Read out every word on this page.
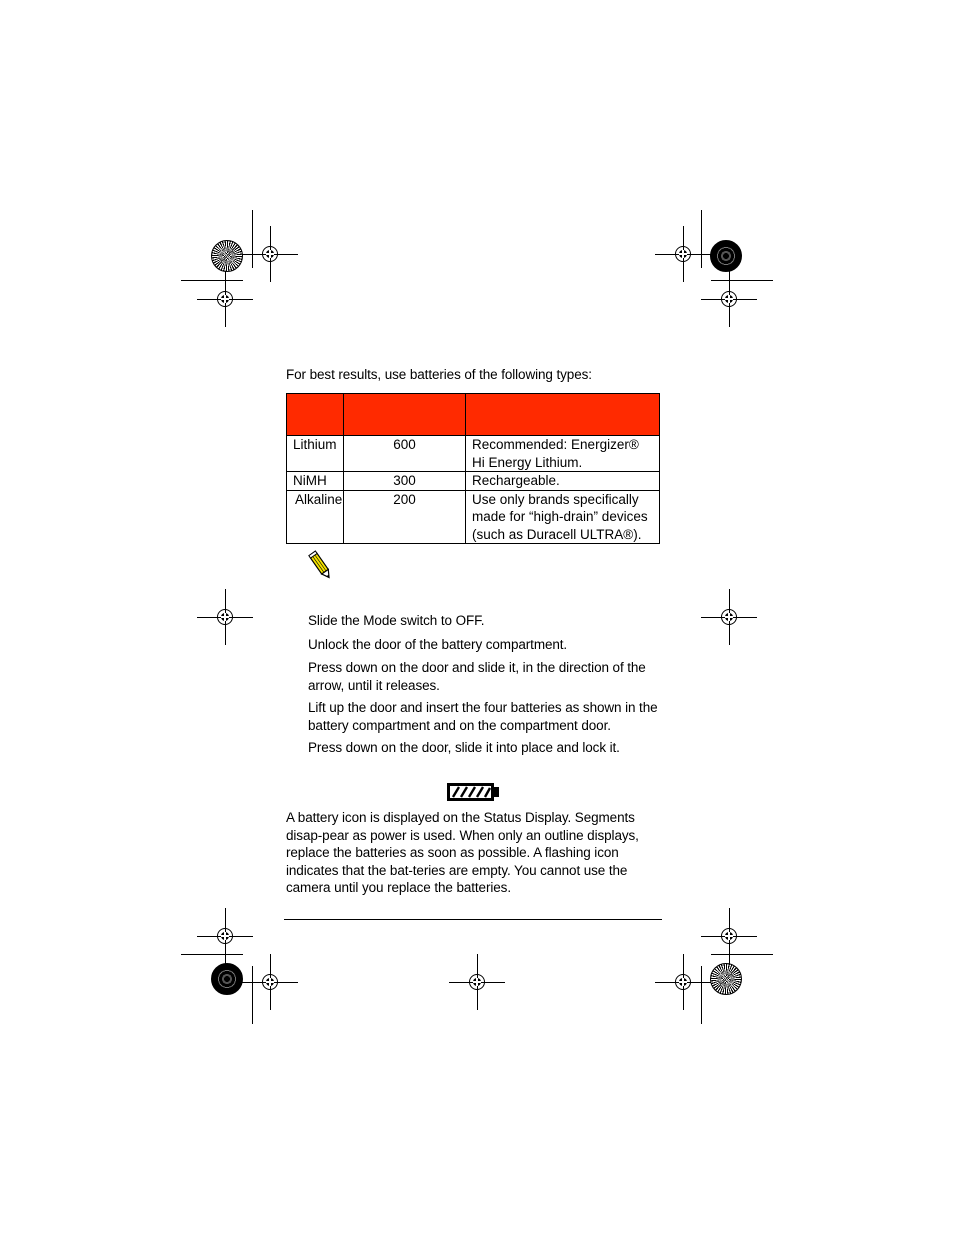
For best results, use batteries of the following types:

Lithium	600	Recommended: Energizer® Hi Energy Lithium.
NiMH	300	Rechargeable.
Alkaline	200	Use only brands specifically made for “high-drain” devices (such as Duracell ULTRA®).
Slide the Mode switch to OFF.
Unlock the door of the battery compartment.
Press down on the door and slide it, in the direction of the arrow, until it releases.
Lift up the door and insert the four batteries as shown in the battery compartment and on the compartment door.
Press down on the door, slide it into place and lock it.

A battery icon is displayed on the Status Display. Segments disap-pear as power is used. When only an outline displays, replace the batteries as soon as possible. A flashing icon indicates that the bat-teries are empty. You cannot use the camera until you replace the batteries.
